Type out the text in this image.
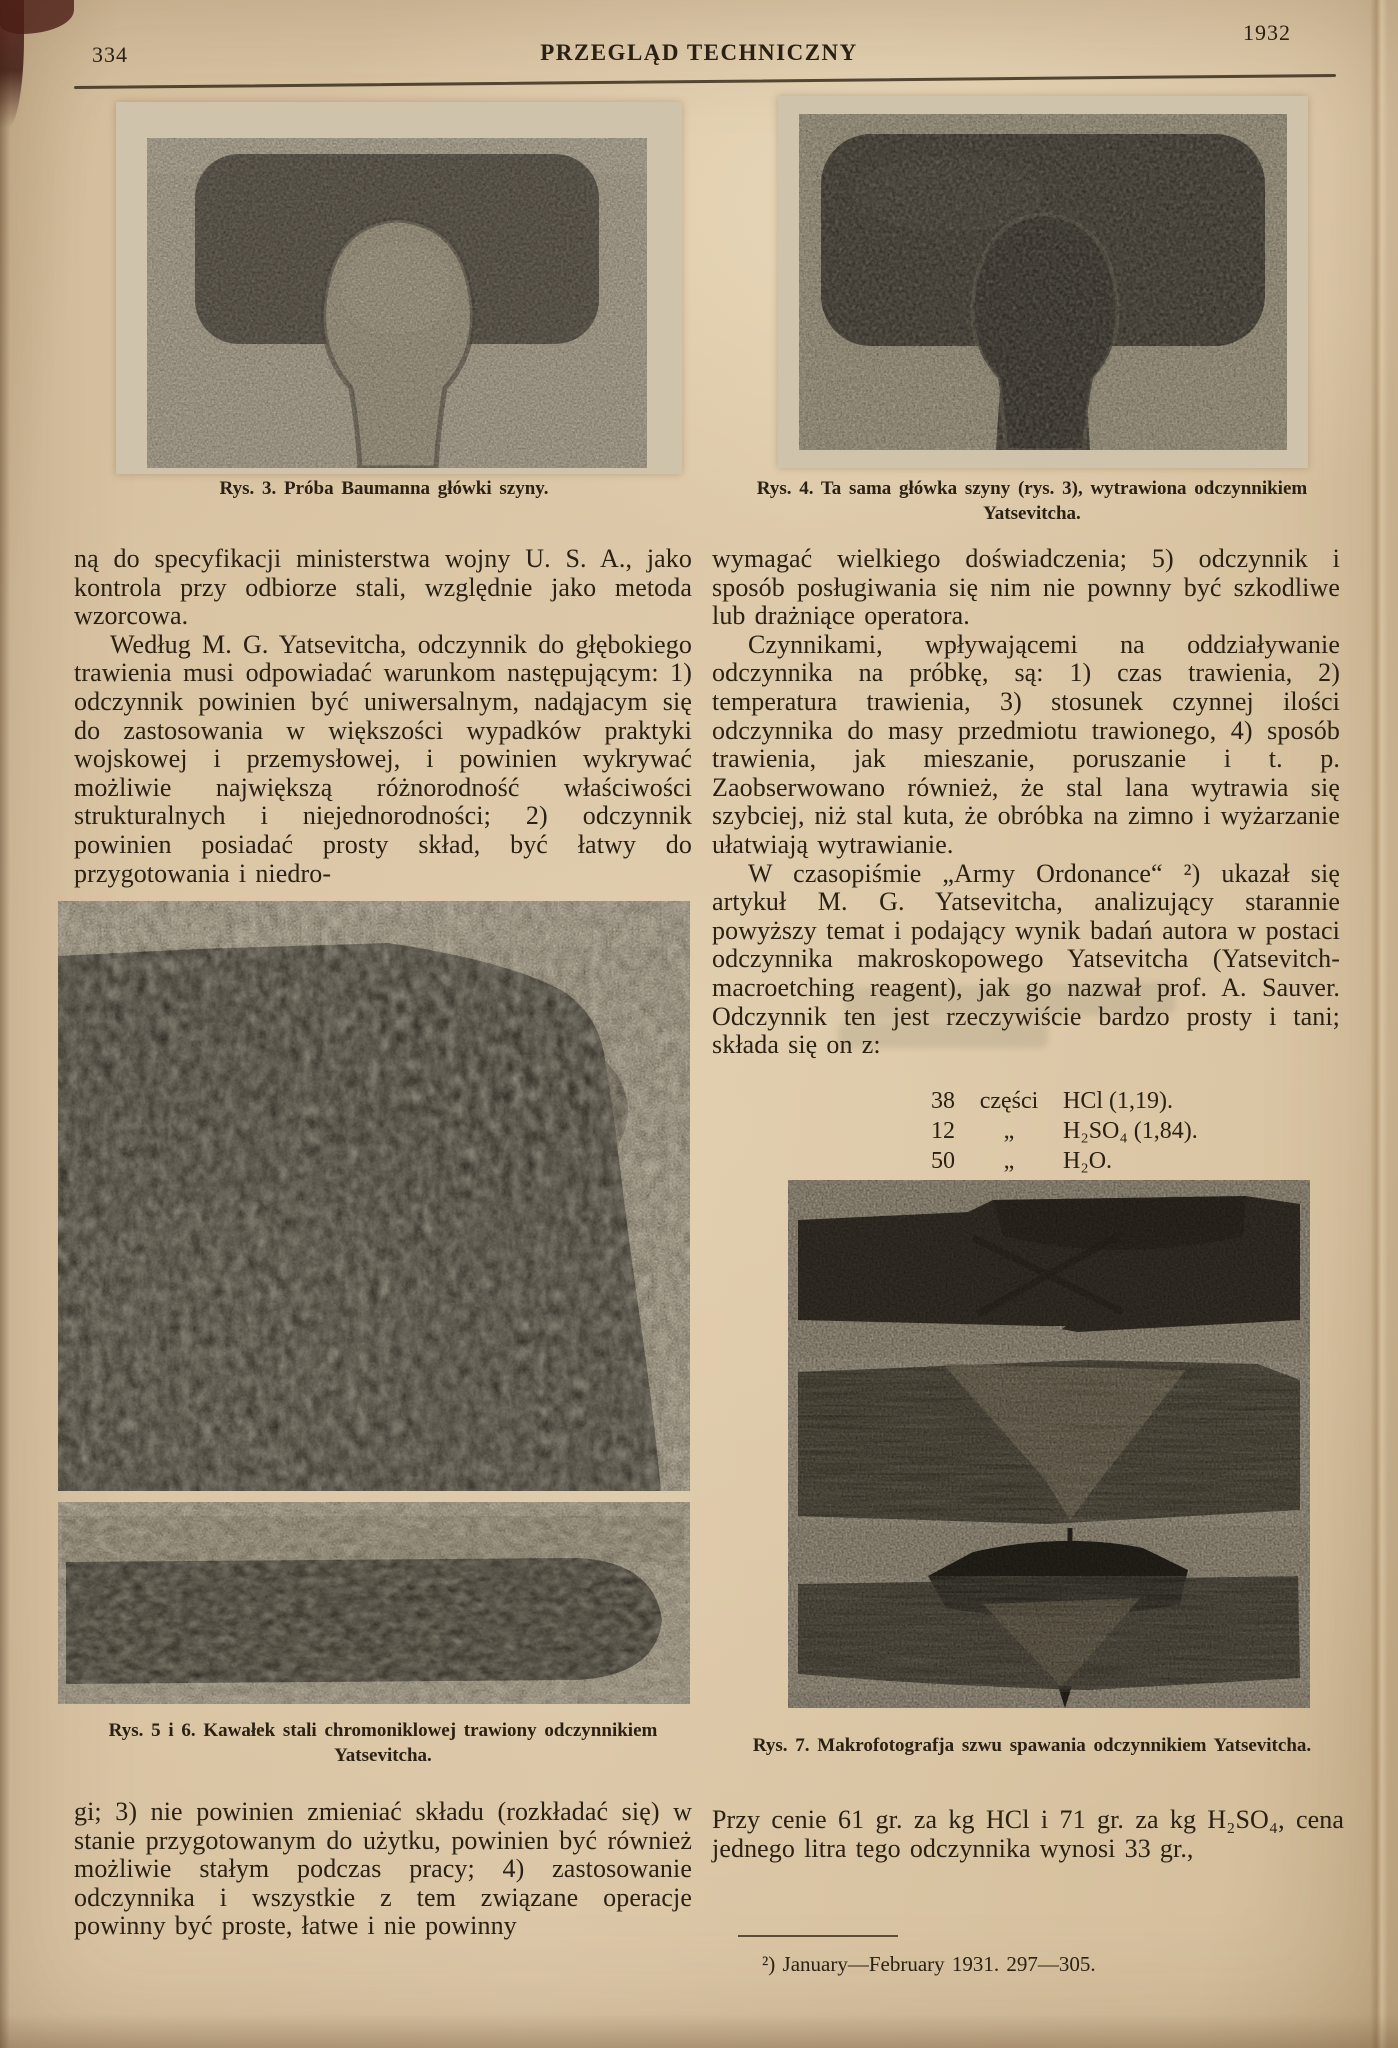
334	PRZEGLĄD TECHNICZNY
1932
Rys. 3. Próba Baumanna główki szyny.

ną do specyfikacji ministerstwa wojny U. S. A., jako kontrola przy odbiorze stali, względnie jako metoda wzorcowa.

Według M. G. Yatsevitcha, odczynnik do głębokiego trawienia musi odpowiadać warunkom następującym: 1) odczynnik powinien być uniwersalnym, nadąjacym się do zastosowania w większości wypadków praktyki wojskowej i przemysłowej, i powinien wykrywać możliwie największą różnorodność właściwości strukturalnych i niejednorodności; 2) odczynnik powinien posiadać prosty skład, być łatwy do przygotowania i niedro-

Rys. 5 i 6. Kawałek stali chromoniklowej trawiony odczynnikiem Yatsevitcha.

gi; 3) nie powinien zmieniać składu (rozkładać się) w stanie przygotowanym do użytku, powinien być również możliwie stałym podczas pracy; 4) zastosowanie odczynnika i wszystkie z tem związane operacje powinny być proste, łatwe i nie powinny

Rys. 4. Ta sama główka szyny (rys. 3), wytrawiona odczynnikiem Yatsevitcha.

wymagać wielkiego doświadczenia; 5) odczynnik i sposób posługiwania się nim nie pownny być szkodliwe lub drażniące operatora.

Czynnikami, wpływającemi na oddziaływanie odczynnika na próbkę, są: 1) czas trawienia, 2) temperatura trawienia, 3) stosunek czynnej ilości odczynnika do masy przedmiotu trawionego, 4) sposób trawienia, jak mieszanie, poruszanie i t. p. Zaobserwowano również, że stal lana wytrawia się szybciej, niż stal kuta, że obróbka na zimno i wyżarzanie ułatwiają wytrawianie.

W czasopiśmie „Army Ordonance“ ²) ukazał się artykuł M. G. Yatsevitcha, analizujący starannie powyższy temat i podający wynik badań autora w postaci odczynnika makroskopowego Yatsevitcha (Yatsevitch-macroetching reagent), jak go nazwał prof. A. Sauver. Odczynnik ten jest rzeczywiście bardzo prosty i tani; składa się on z:

38 części HCl (1,19).
12 „ H₂SO₄ (1,84).
50 „ H₂O.
Rys. 7. Makrofotografja szwu spawania odczynnikiem Yatsevitcha.

Przy cenie 61 gr. za kg HCl i 71 gr. za kg H₂SO₄, cena jednego litra tego odczynnika wynosi 33 gr.,

²) January—February 1931. 297—305.
